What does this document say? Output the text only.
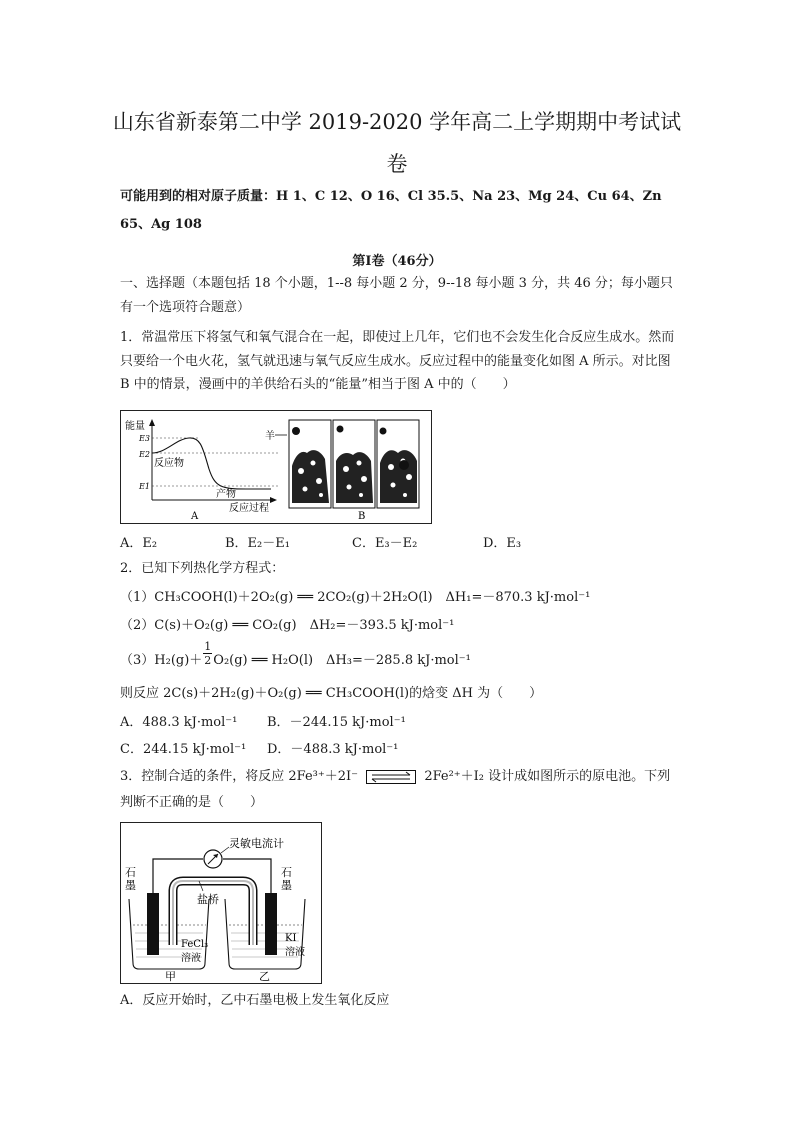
山东省新泰第二中学 2019-2020 学年高二上学期期中考试试
卷
可能用到的相对原子质量：H 1、C 12、O 16、Cl 35.5、Na 23、Mg 24、Cu 64、Zn 65、Ag 108
第Ⅰ卷（46分）
一、选择题（本题包括 18 个小题，1--8 每小题 2 分，9--18 每小题 3 分，共 46 分；每小题只有一个选项符合题意）
1．常温常压下将氢气和氧气混合在一起，即使过上几年，它们也不会发生化合反应生成水。然而只要给一个电火花，氢气就迅速与氧气反应生成水。反应过程中的能量变化如图 A 所示。对比图 B 中的情景，漫画中的羊供给石头的“能量”相当于图 A 中的（　　）
能量
E3
E2
E1
反应物
产物
反应过程
A	B
羊
A．E₂	B．E₂－E₁	C．E₃－E₂	D．E₃
2．已知下列热化学方程式：
（1）CH₃COOH(l)＋2O₂(g) ══ 2CO₂(g)＋2H₂O(l)　ΔH₁=－870.3 kJ·mol⁻¹
（2）C(s)＋O₂(g) ══ CO₂(g)　ΔH₂=－393.5 kJ·mol⁻¹
$(3)H_2(g)+ \frac{1}{2} O_2(g)$ ══ H₂O(l)　ΔH₃=－285.8 kJ·mol⁻¹
则反应 2C(s)＋2H₂(g)＋O₂(g) ══ CH₃COOH(l)的焓变 ΔH 为（　　）
A．488.3 kJ·mol⁻¹ B．－244.15 kJ·mol⁻¹
C．244.15 kJ·mol⁻¹ D．－488.3 kJ·mol⁻¹
3．控制合适的条件，将反应 2Fe³⁺＋2I⁻	2Fe²⁺＋I₂ 设计成如图所示的原电池。下列
判断不正确的是（　　）
灵敏电流计
石
墨
石
墨
盐桥
FeCl₃
溶液
KI
溶液
甲	乙
A．反应开始时，乙中石墨电极上发生氧化反应
